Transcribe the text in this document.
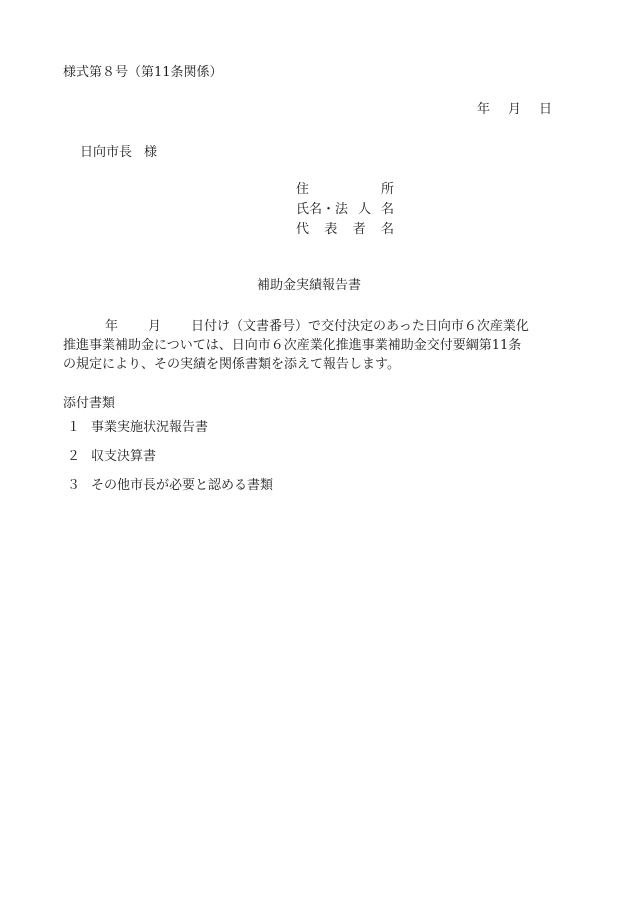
様式第８号（第11条関係）
年 月 日
日向市長 様
住	所
氏名・法 人 名
代 表 者 名
補助金実績報告書
年 月 日付け（文書番号）で交付決定のあった日向市６次産業化
推進事業補助金については、日向市６次産業化推進事業補助金交付要綱第11条
の規定により、その実績を関係書類を添えて報告します。
添付書類
１ 事業実施状況報告書
２ 収支決算書
３ その他市長が必要と認める書類
